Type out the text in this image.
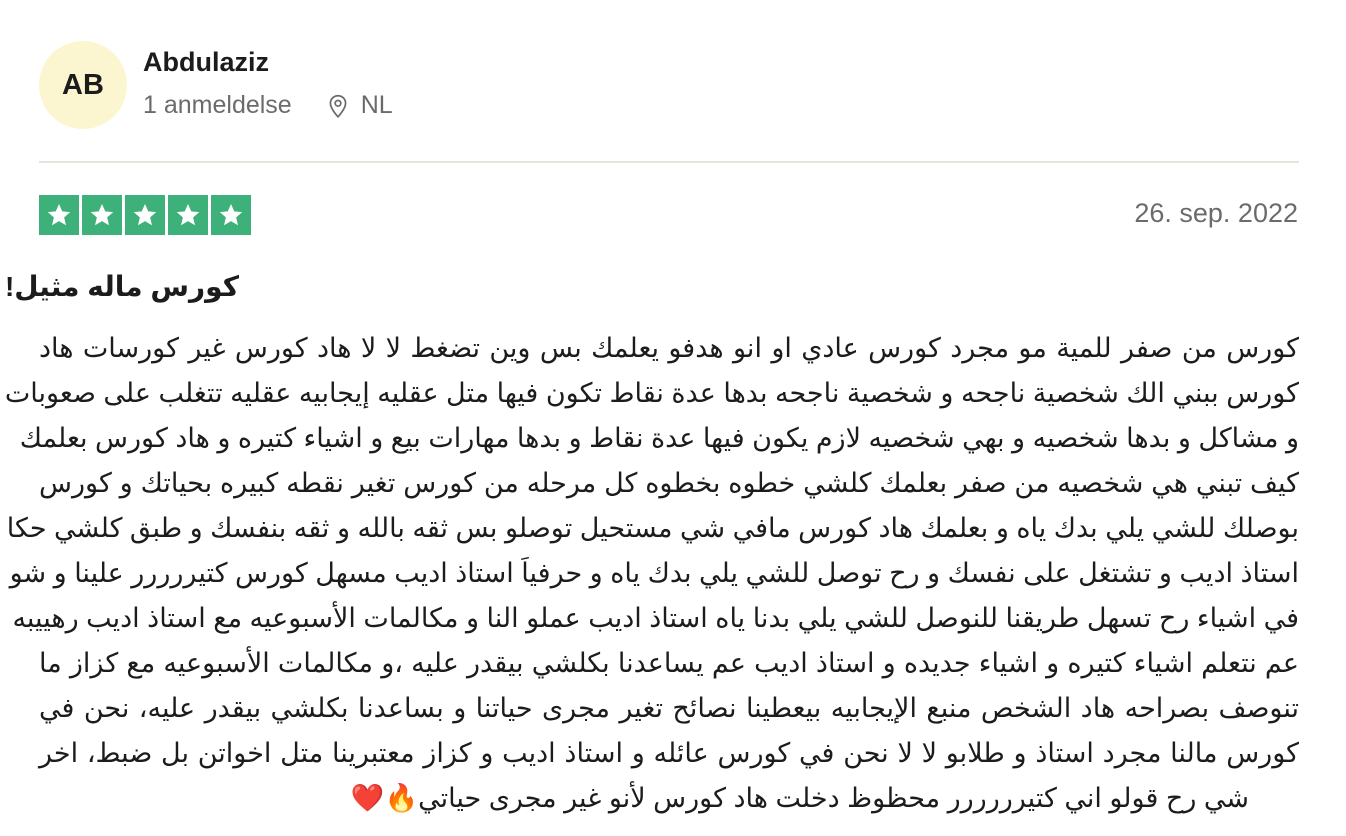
AB
Abdulaziz
1 anmeldelse	NL
26. sep. 2022
كورس ماله مثيل!
كورس من صفر للمية مو مجرد كورس عادي او انو هدفو يعلمك بس وين تضغط لا لا هاد كورس غير كورسات هاد
كورس ببني الك شخصية ناجحه و شخصية ناجحه بدها عدة نقاط تكون فيها متل عقليه إيجابيه عقليه تتغلب على صعوبات
و مشاكل و بدها شخصيه و بهي شخصيه لازم يكون فيها عدة نقاط و بدها مهارات بيع و اشياء كتيره و هاد كورس بعلمك
كيف تبني هي شخصيه من صفر بعلمك كلشي خطوه بخطوه كل مرحله من كورس تغير نقطه كبيره بحياتك و كورس
بوصلك للشي يلي بدك ياه و بعلمك هاد كورس مافي شي مستحيل توصلو بس ثقه بالله و ثقه بنفسك و طبق كلشي حكا
استاذ اديب و تشتغل على نفسك و رح توصل للشي يلي بدك ياه و حرفياَ استاذ اديب مسهل كورس كتيررررر علينا و شو
في اشياء رح تسهل طريقنا للنوصل للشي يلي بدنا ياه استاذ اديب عملو النا و مكالمات الأسبوعيه مع استاذ اديب رهييبه
عم نتعلم اشياء كتيره و اشياء جديده و استاذ اديب عم يساعدنا بكلشي بيقدر عليه ،و مكالمات الأسبوعيه مع كزاز ما
تنوصف بصراحه هاد الشخص منبع الإيجابيه بيعطينا نصائح تغير مجرى حياتنا و بساعدنا بكلشي بيقدر عليه، نحن في
كورس مالنا مجرد استاذ و طلابو لا لا نحن في كورس عائله و استاذ اديب و كزاز معتبرينا متل اخواتن بل ضبط، اخر
شي رح قولو اني كتيرررررر محظوظ دخلت هاد كورس لأنو غير مجرى حياتي🔥❤️
